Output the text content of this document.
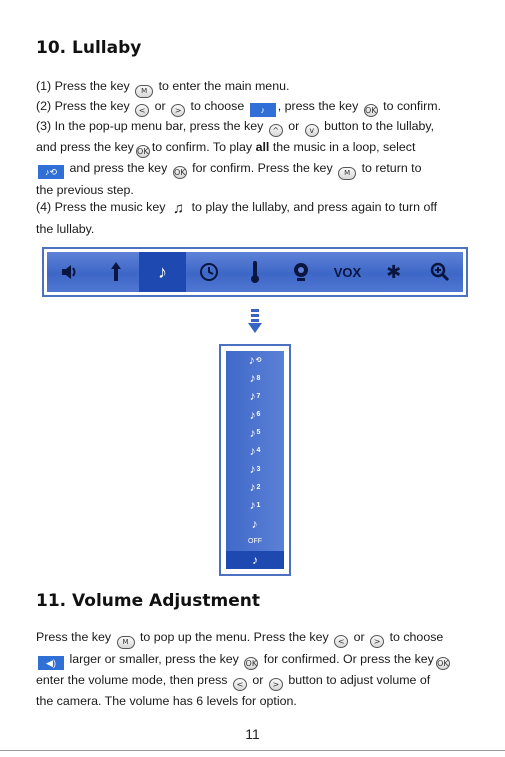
10. Lullaby
(1) Press the key M to enter the main menu.
(2) Press the key < or > to choose ♪ , press the key OK to confirm.
(3) In the pop-up menu bar, press the key ^ or v button to the lullaby,
and press the key OK to confirm. To play all the music in a loop, select
♪⟲ and press the key OK for confirm. Press the key M to return to
the previous step.
(4) Press the music key ♫ to play the lullaby, and press again to turn off
the lullaby.
♪	VOX	✱
♪ ⟲
♪ 8
♪ 7
♪ 6
♪ 5
♪ 4
♪ 3
♪ 2
♪ 1
♪
OFF
♪
11. Volume Adjustment
Press the key M to pop up the menu. Press the key < or > to choose
◀) larger or smaller, press the key OK for confirmed. Or press the key OK
enter the volume mode, then press < or > button to adjust volume of
the camera. The volume has 6 levels for option.
11
